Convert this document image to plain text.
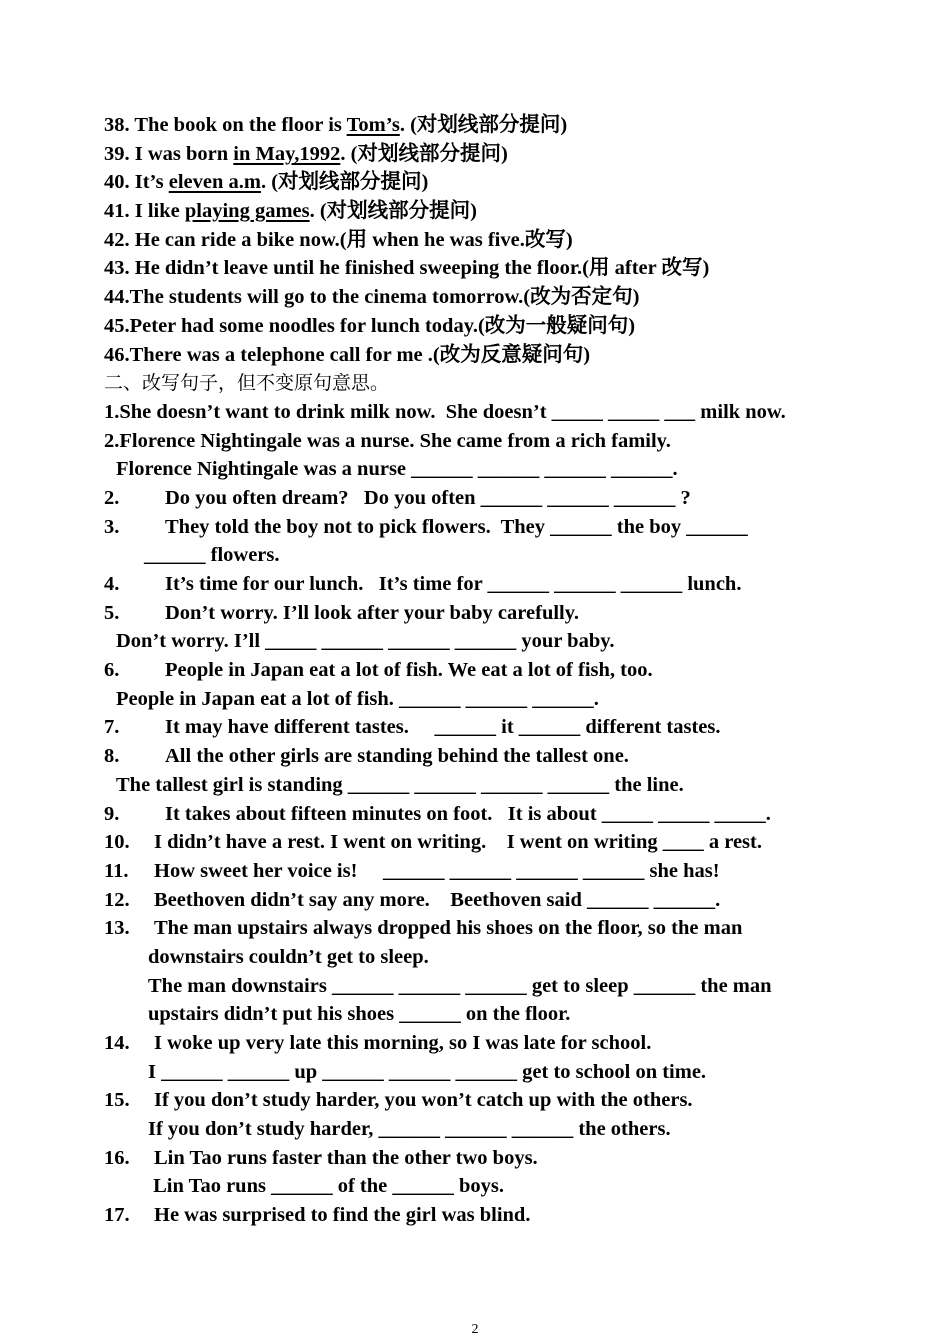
38. The book on the floor is Tom’s. (对划线部分提问)
39. I was born in May,1992. (对划线部分提问)
40. It’s eleven a.m. (对划线部分提问)
41. I like playing games. (对划线部分提问)
42. He can ride a bike now.(用 when he was five.改写)
43. He didn’t leave until he finished sweeping the floor.(用 after 改写)
44.The students will go to the cinema tomorrow.(改为否定句)
45.Peter had some noodles for lunch today.(改为一般疑问句)
46.There was a telephone call for me .(改为反意疑问句)
二、改写句子，但不变原句意思。
1.She doesn’t want to drink milk now.  She doesn’t _____ _____ ___ milk now.
2.Florence Nightingale was a nurse. She came from a rich family.
Florence Nightingale was a nurse ______ ______ ______ ______.
2. Do you often dream?   Do you often ______ ______ ______ ?
3. They told the boy not to pick flowers.  They ______ the boy ______
______ flowers.
4. It’s time for our lunch.   It’s time for ______ ______ ______ lunch.
5. Don’t worry. I’ll look after your baby carefully.
Don’t worry. I’ll _____ ______ ______ ______ your baby.
6. People in Japan eat a lot of fish. We eat a lot of fish, too.
People in Japan eat a lot of fish. ______ ______ ______.
7. It may have different tastes.     ______ it ______ different tastes.
8. All the other girls are standing behind the tallest one.
The tallest girl is standing ______ ______ ______ ______ the line.
9. It takes about fifteen minutes on foot.   It is about _____ _____ _____.
10. I didn’t have a rest. I went on writing.    I went on writing ____ a rest.
11. How sweet her voice is!     ______ ______ ______ ______ she has!
12. Beethoven didn’t say any more.    Beethoven said ______ ______.
13. The man upstairs always dropped his shoes on the floor, so the man
downstairs couldn’t get to sleep.
The man downstairs ______ ______ ______ get to sleep ______ the man
upstairs didn’t put his shoes ______ on the floor.
14. I woke up very late this morning, so I was late for school.
I ______ ______ up ______ ______ ______ get to school on time.
15. If you don’t study harder, you won’t catch up with the others.
If you don’t study harder, ______ ______ ______ the others.
16. Lin Tao runs faster than the other two boys.
Lin Tao runs ______ of the ______ boys.
17. He was surprised to find the girl was blind.
2
